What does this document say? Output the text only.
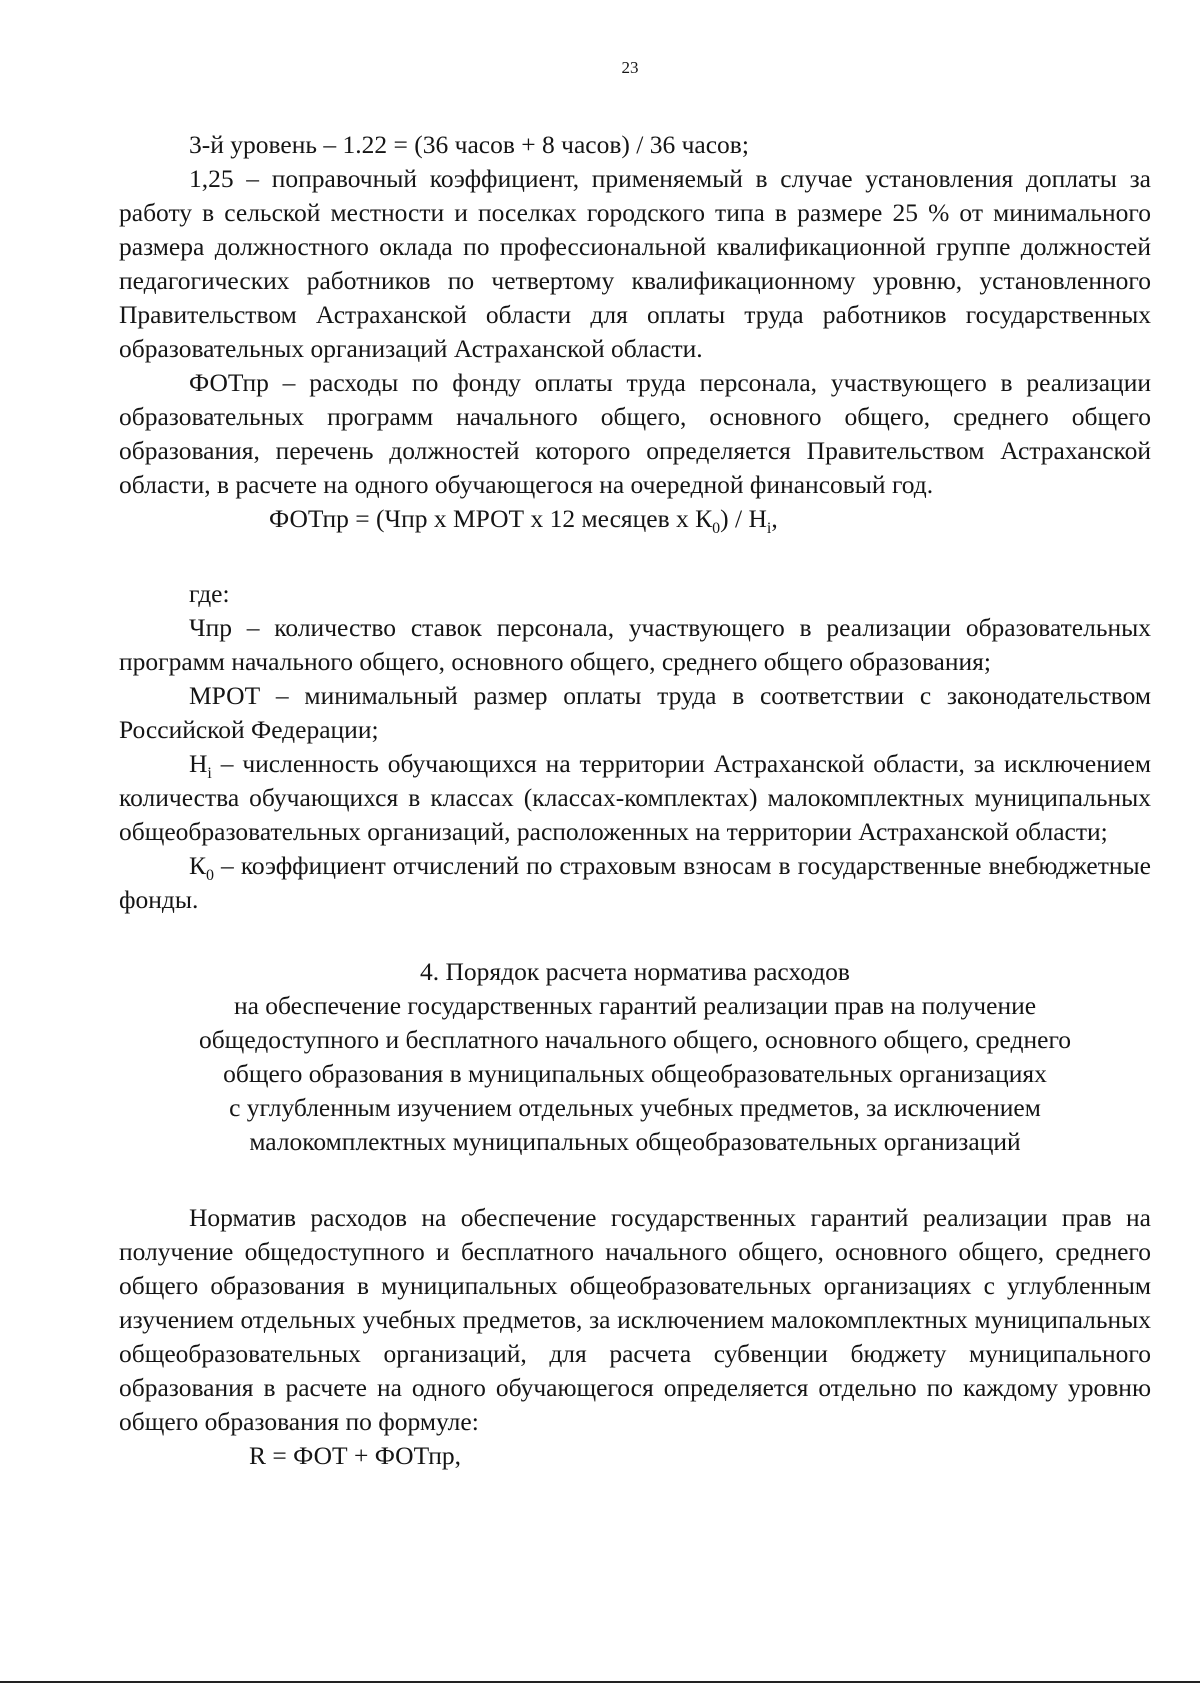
23

3-й уровень – 1.22 = (36 часов + 8 часов) / 36 часов;

1,25 – поправочный коэффициент, применяемый в случае установления доплаты за работу в сельской местности и поселках городского типа в размере 25 % от минимального размера должностного оклада по профессиональной квалификационной группе должностей педагогических работников по четвертому квалификационному уровню, установленного Правительством Астраханской области для оплаты труда работников государственных образовательных организаций Астраханской области.

ФОТпр – расходы по фонду оплаты труда персонала, участвующего в реализации образовательных программ начального общего, основного общего, среднего общего образования, перечень должностей которого определяется Правительством Астраханской области, в расчете на одного обучающегося на очередной финансовый год.

ФОТпр = (Чпр х МРОТ х 12 месяцев х $К_0) / Н_i$,

где:

Чпр – количество ставок персонала, участвующего в реализации образовательных программ начального общего, основного общего, среднего общего образования;

МРОТ – минимальный размер оплаты труда в соответствии с законодательством Российской Федерации;

$Н_i$ – численность обучающихся на территории Астраханской области, за исключением количества обучающихся в классах (классах-комплектах) малокомплектных муниципальных общеобразовательных организаций, расположенных на территории Астраханской области;

$К_0$ – коэффициент отчислений по страховым взносам в государственные внебюджетные фонды.

4. Порядок расчета норматива расходов

на обеспечение государственных гарантий реализации прав на получение

общедоступного и бесплатного начального общего, основного общего, среднего

общего образования в муниципальных общеобразовательных организациях

с углубленным изучением отдельных учебных предметов, за исключением

малокомплектных муниципальных общеобразовательных организаций

Норматив расходов на обеспечение государственных гарантий реализации прав на получение общедоступного и бесплатного начального общего, основного общего, среднего общего образования в муниципальных общеобразовательных организациях с углубленным изучением отдельных учебных предметов, за исключением малокомплектных муниципальных общеобразовательных организаций, для расчета субвенции бюджету муниципального образования в расчете на одного обучающегося определяется отдельно по каждому уровню общего образования по формуле:

R = ФОТ + ФОТпр,
